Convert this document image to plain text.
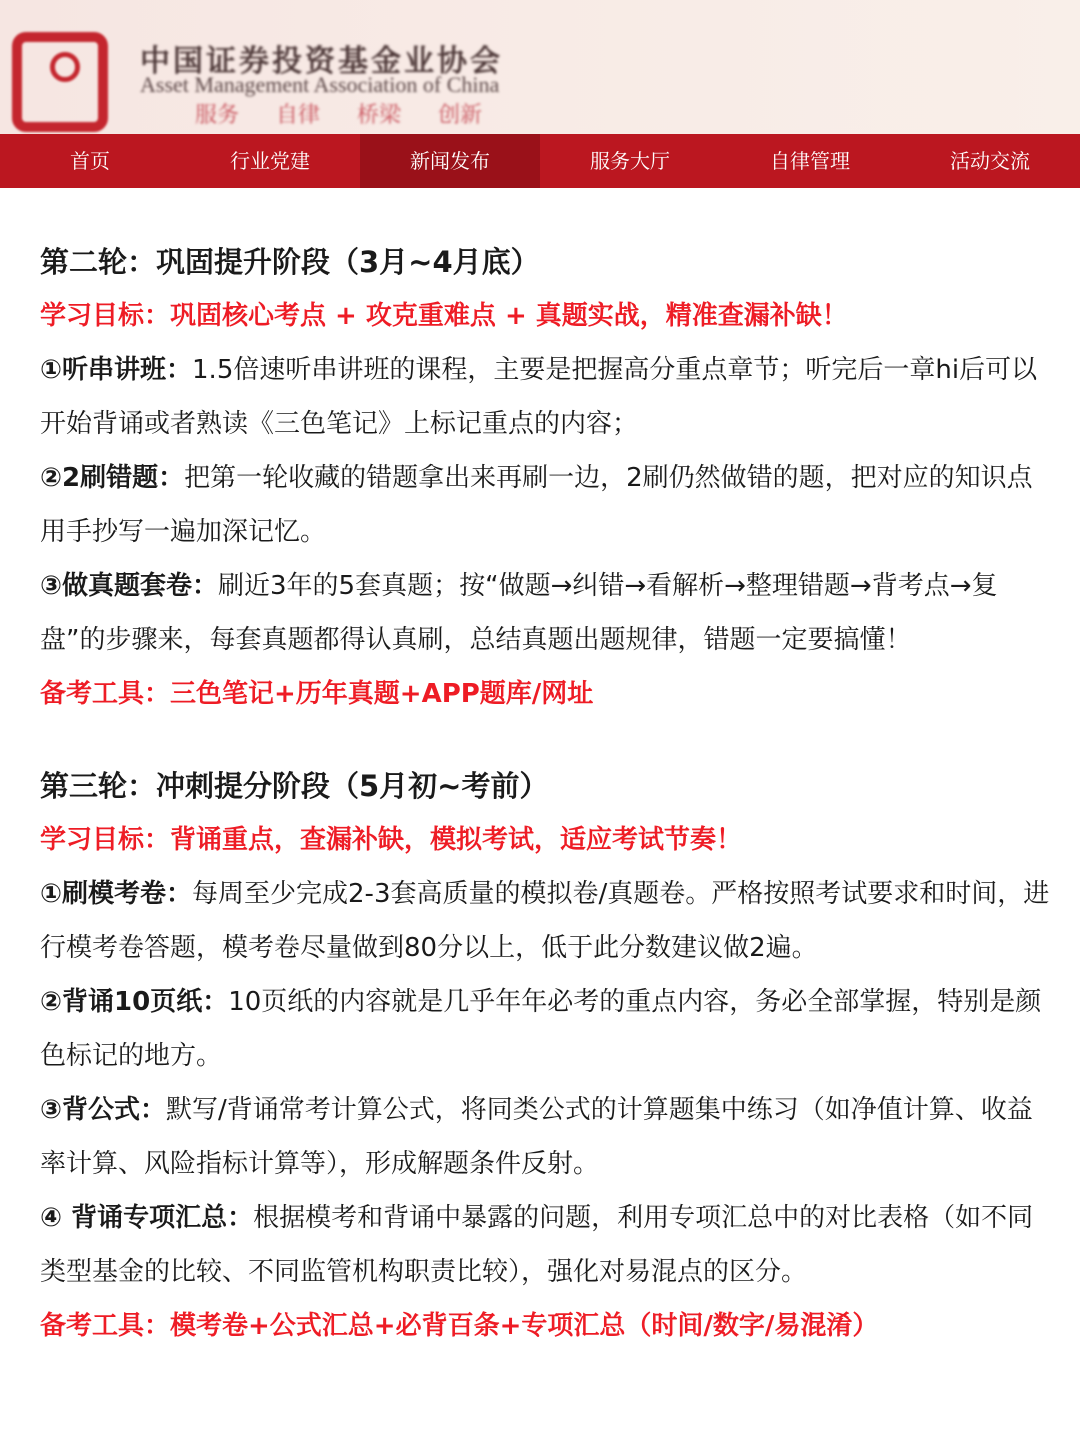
中国证券投资基金业协会
Asset Management Association of China
服务 自律 桥梁 创新
首页	行业党建	新闻发布	服务大厅	自律管理	活动交流
第二轮：巩固提升阶段（3月~4月底）
学习目标：巩固核心考点 + 攻克重难点 + 真题实战，精准查漏补缺！
①听串讲班：1.5倍速听串讲班的课程，主要是把握高分重点章节；听完后一章hi后可以开始背诵或者熟读《三色笔记》上标记重点的内容；
②2刷错题：把第一轮收藏的错题拿出来再刷一边，2刷仍然做错的题，把对应的知识点用手抄写一遍加深记忆。
③做真题套卷：刷近3年的5套真题；按“做题→纠错→看解析→整理错题→背考点→复盘”的步骤来，每套真题都得认真刷，总结真题出题规律，错题一定要搞懂！
备考工具：三色笔记+历年真题+APP题库/网址
第三轮：冲刺提分阶段（5月初~考前）
学习目标：背诵重点，查漏补缺，模拟考试，适应考试节奏！
①刷模考卷：每周至少完成2-3套高质量的模拟卷/真题卷。严格按照考试要求和时间，进行模考卷答题，模考卷尽量做到80分以上，低于此分数建议做2遍。
②背诵10页纸：10页纸的内容就是几乎年年必考的重点内容，务必全部掌握，特别是颜色标记的地方。
③背公式：默写/背诵常考计算公式，将同类公式的计算题集中练习（如净值计算、收益率计算、风险指标计算等），形成解题条件反射。
④ 背诵专项汇总：根据模考和背诵中暴露的问题，利用专项汇总中的对比表格（如不同类型基金的比较、不同监管机构职责比较），强化对易混点的区分。
备考工具：模考卷+公式汇总+必背百条+专项汇总（时间/数字/易混淆）
